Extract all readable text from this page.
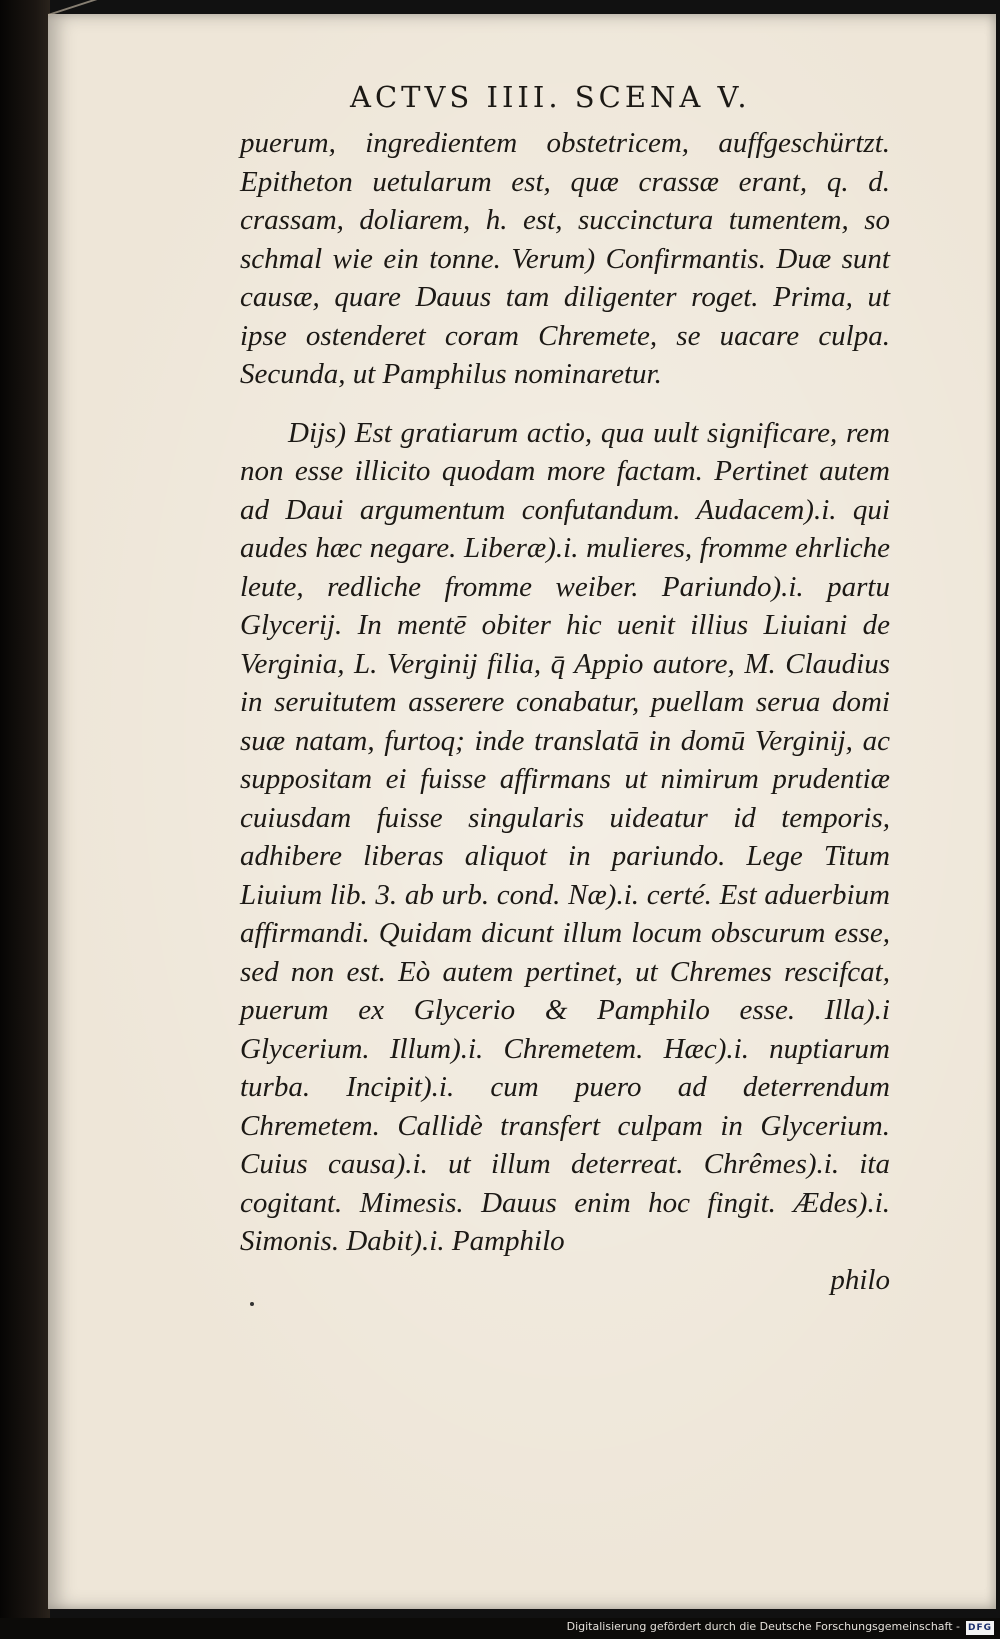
ACTVS IIII. SCENA V.

puerum, ingredientem obstetricem, auffgeschürtzt. Epitheton uetularum est, quæ crassæ erant, q. d. crassam, doliarem, h. est, succinctura tumentem, so schmal wie ein tonne. Verum) Confirmantis. Duæ sunt causæ, quare Dauus tam diligenter roget. Prima, ut ipse ostenderet coram Chremete, se uacare culpa. Secunda, ut Pamphilus nominaretur.

Dijs) Est gratiarum actio, qua uult significare, rem non esse illicito quodam more factam. Pertinet autem ad Daui argumentum confutandum. Audacem).i. qui audes hæc negare. Liberæ).i. mulieres, fromme ehrliche leute, redliche fromme weiber. Pariundo).i. partu Glycerij. In mentē obiter hic uenit illius Liuiani de Verginia, L. Verginij filia, q̄ Appio autore, M. Claudius in seruitutem asserere conabatur, puellam serua domi suæ natam, furtoq; inde translatā in domū Verginij, ac suppositam ei fuisse affirmans ut nimirum prudentiæ cuiusdam fuisse singularis uideatur id temporis, adhibere liberas aliquot in pariundo. Lege Titum Liuium lib. 3. ab urb. cond. Næ).i. certé. Est aduerbium affirmandi. Quidam dicunt illum locum obscurum esse, sed non est. Eò autem pertinet, ut Chremes rescifcat, puerum ex Glycerio & Pamphilo esse. Illa).i Glycerium. Illum).i. Chremetem. Hæc).i. nuptiarum turba. Incipit).i. cum puero ad deterrendum Chremetem. Callidè transfert culpam in Glycerium. Cuius causa).i. ut illum deterreat. Chrêmes).i. ita cogitant. Mimesis. Dauus enim hoc fingit. Ædes).i. Simonis. Dabit).i. Pamphilo

philo
Digitalisierung gefördert durch die Deutsche Forschungsgemeinschaft - DFG
